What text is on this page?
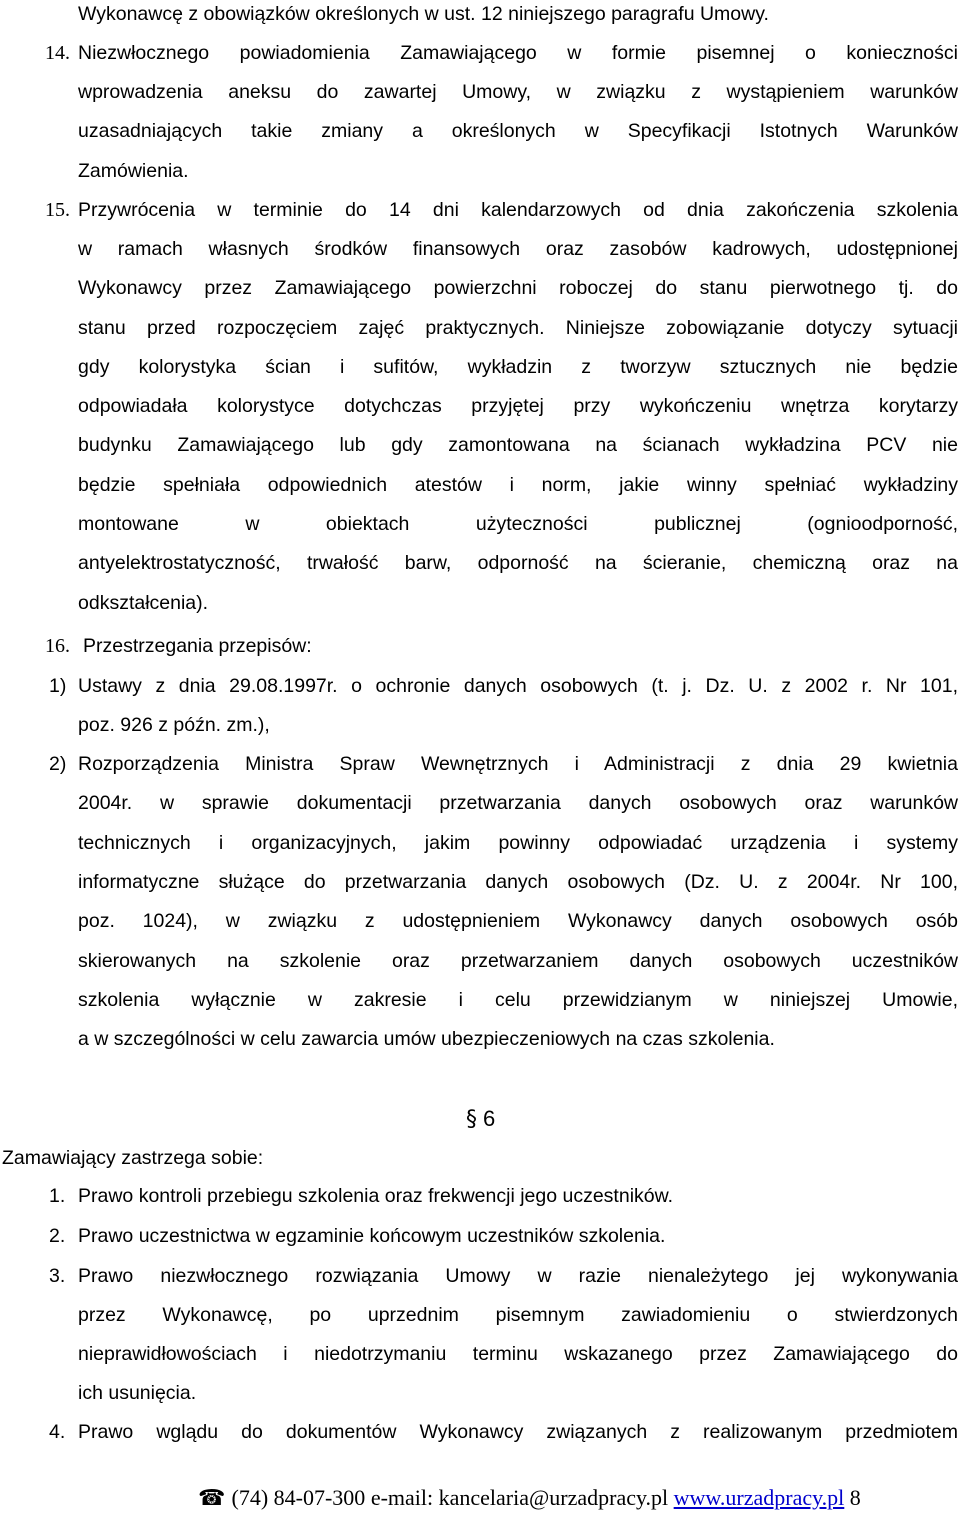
Wykonawcę z obowiązków określonych w ust. 12 niniejszego paragrafu Umowy.
14. Niezwłocznego powiadomienia Zamawiającego w formie pisemnej o konieczności
wprowadzenia aneksu do zawartej Umowy, w związku z wystąpieniem warunków
uzasadniających takie zmiany a określonych w Specyfikacji Istotnych Warunków
Zamówienia.
15. Przywrócenia w terminie do 14 dni kalendarzowych od dnia zakończenia szkolenia
w ramach własnych środków finansowych oraz zasobów kadrowych, udostępnionej
Wykonawcy przez Zamawiającego powierzchni roboczej do stanu pierwotnego tj. do
stanu przed rozpoczęciem zajęć praktycznych. Niniejsze zobowiązanie dotyczy sytuacji
gdy kolorystyka ścian i sufitów, wykładzin z tworzyw sztucznych nie będzie
odpowiadała kolorystyce dotychczas przyjętej przy wykończeniu wnętrza korytarzy
budynku Zamawiającego lub gdy zamontowana na ścianach wykładzina PCV nie
będzie spełniała odpowiednich atestów i norm, jakie winny spełniać wykładziny
montowane w obiektach użyteczności publicznej (ognioodporność,
antyelektrostatyczność, trwałość barw, odporność na ścieranie, chemiczną oraz na
odkształcenia).
16. Przestrzegania przepisów:
1) Ustawy z dnia 29.08.1997r. o ochronie danych osobowych (t. j. Dz. U. z 2002 r. Nr 101,
poz. 926 z późn. zm.),
2) Rozporządzenia Ministra Spraw Wewnętrznych i Administracji z dnia 29 kwietnia
2004r. w sprawie dokumentacji przetwarzania danych osobowych oraz warunków
technicznych i organizacyjnych, jakim powinny odpowiadać urządzenia i systemy
informatyczne służące do przetwarzania danych osobowych (Dz. U. z 2004r. Nr 100,
poz. 1024), w związku z udostępnieniem Wykonawcy danych osobowych osób
skierowanych na szkolenie oraz przetwarzaniem danych osobowych uczestników
szkolenia wyłącznie w zakresie i celu przewidzianym w niniejszej Umowie,
a w szczególności w celu zawarcia umów ubezpieczeniowych na czas szkolenia.
§ 6
Zamawiający zastrzega sobie:
1. Prawo kontroli przebiegu szkolenia oraz frekwencji jego uczestników.
2. Prawo uczestnictwa w egzaminie końcowym uczestników szkolenia.
3. Prawo niezwłocznego rozwiązania Umowy w razie nienależytego jej wykonywania
przez Wykonawcę, po uprzednim pisemnym zawiadomieniu o stwierdzonych
nieprawidłowościach i niedotrzymaniu terminu wskazanego przez Zamawiającego do
ich usunięcia.
4. Prawo wglądu do dokumentów Wykonawcy związanych z realizowanym przedmiotem
☎ (74) 84-07-300 e-mail: kancelaria@urzadpracy.pl www.urzadpracy.pl 8
